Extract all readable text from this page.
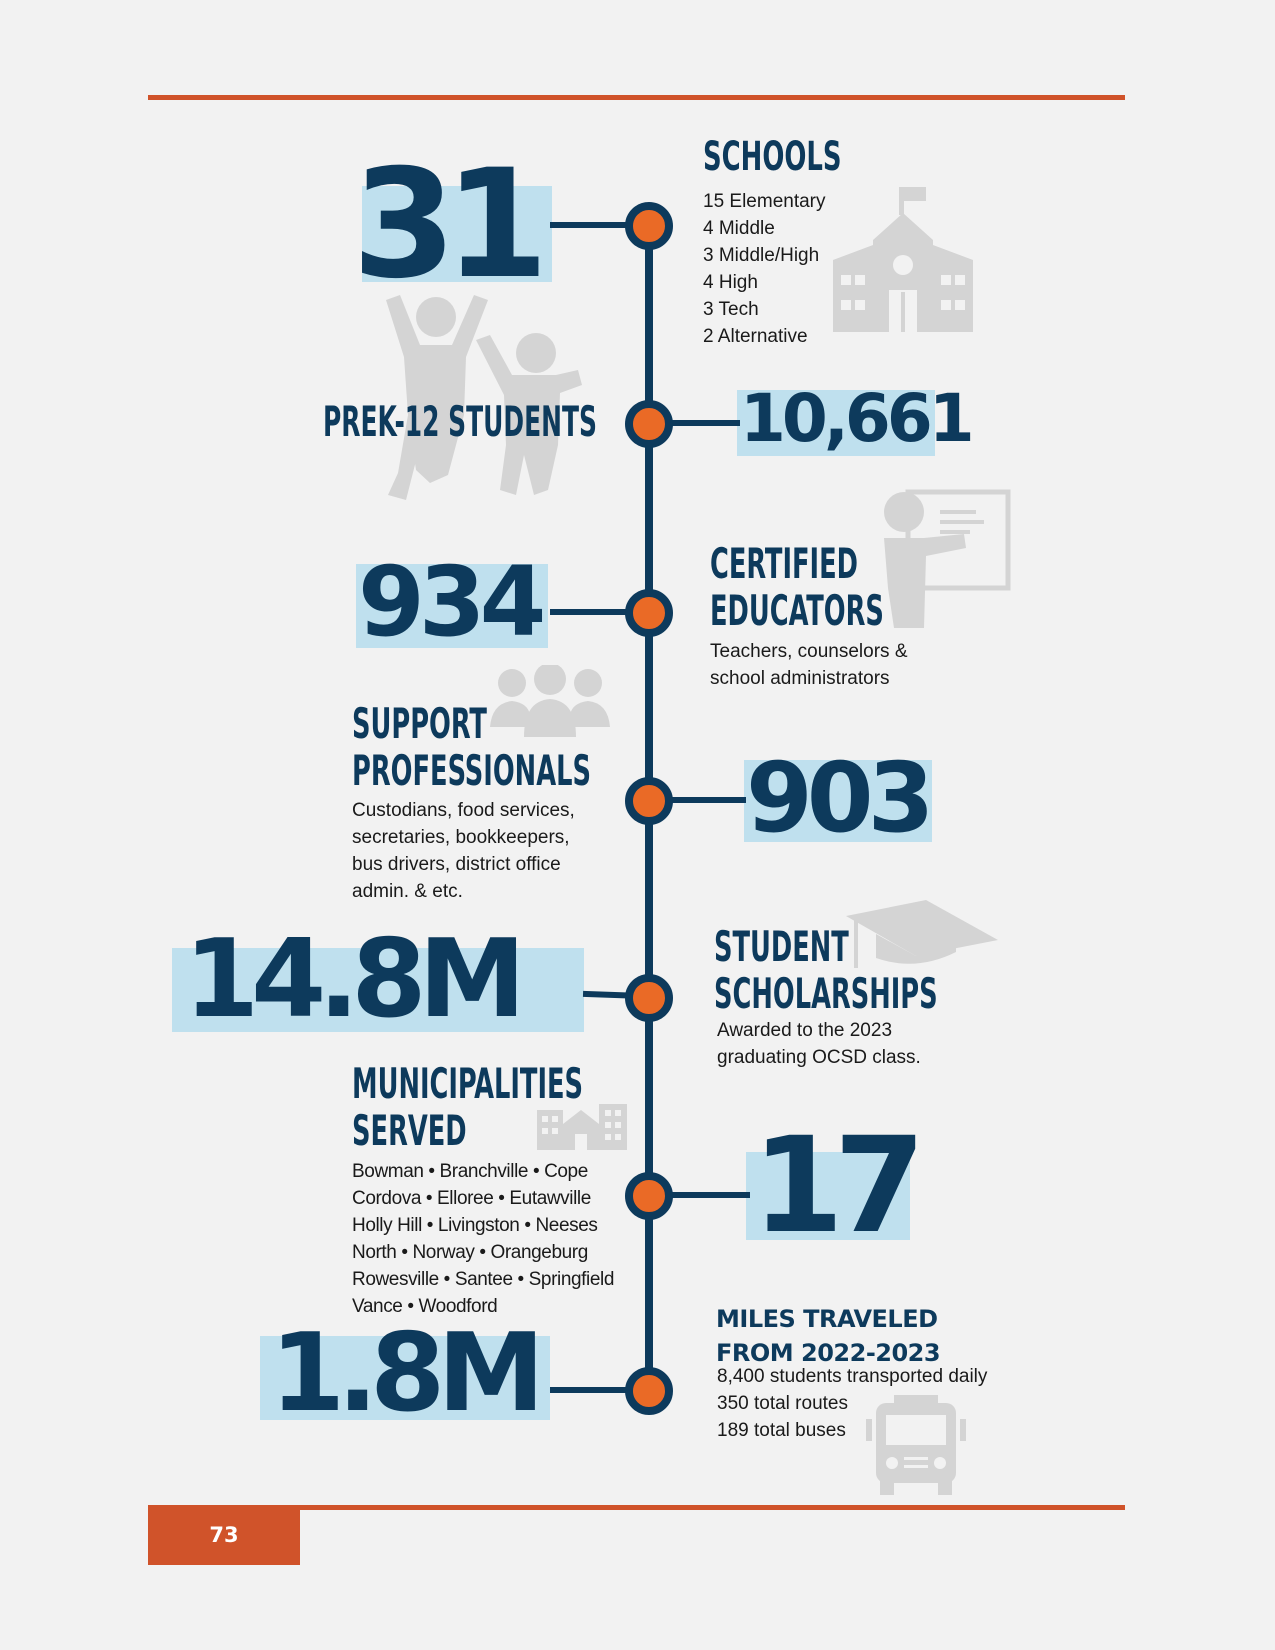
31	SCHOOLS
15 Elementary
4 Middle
3 Middle/High
4 High
3 Tech
2 Alternative
PREK-12 STUDENTS 10,661
934	CERTIFIED
EDUCATORS
Teachers, counselors &
school administrators
SUPPORT
PROFESSIONALS
Custodians, food services,
secretaries, bookkeepers,
bus drivers, district office
admin. & etc.
903
14.8M	STUDENT
SCHOLARSHIPS
Awarded to the 2023
graduating OCSD class.
MUNICIPALITIES
SERVED
Bowman • Branchville • Cope
Cordova • Elloree • Eutawville
Holly Hill • Livingston • Neeses
North • Norway • Orangeburg
Rowesville • Santee • Springfield
Vance • Woodford
17
1.8M	MILES TRAVELED
FROM 2022-2023
8,400 students transported daily
350 total routes
189 total buses
73
